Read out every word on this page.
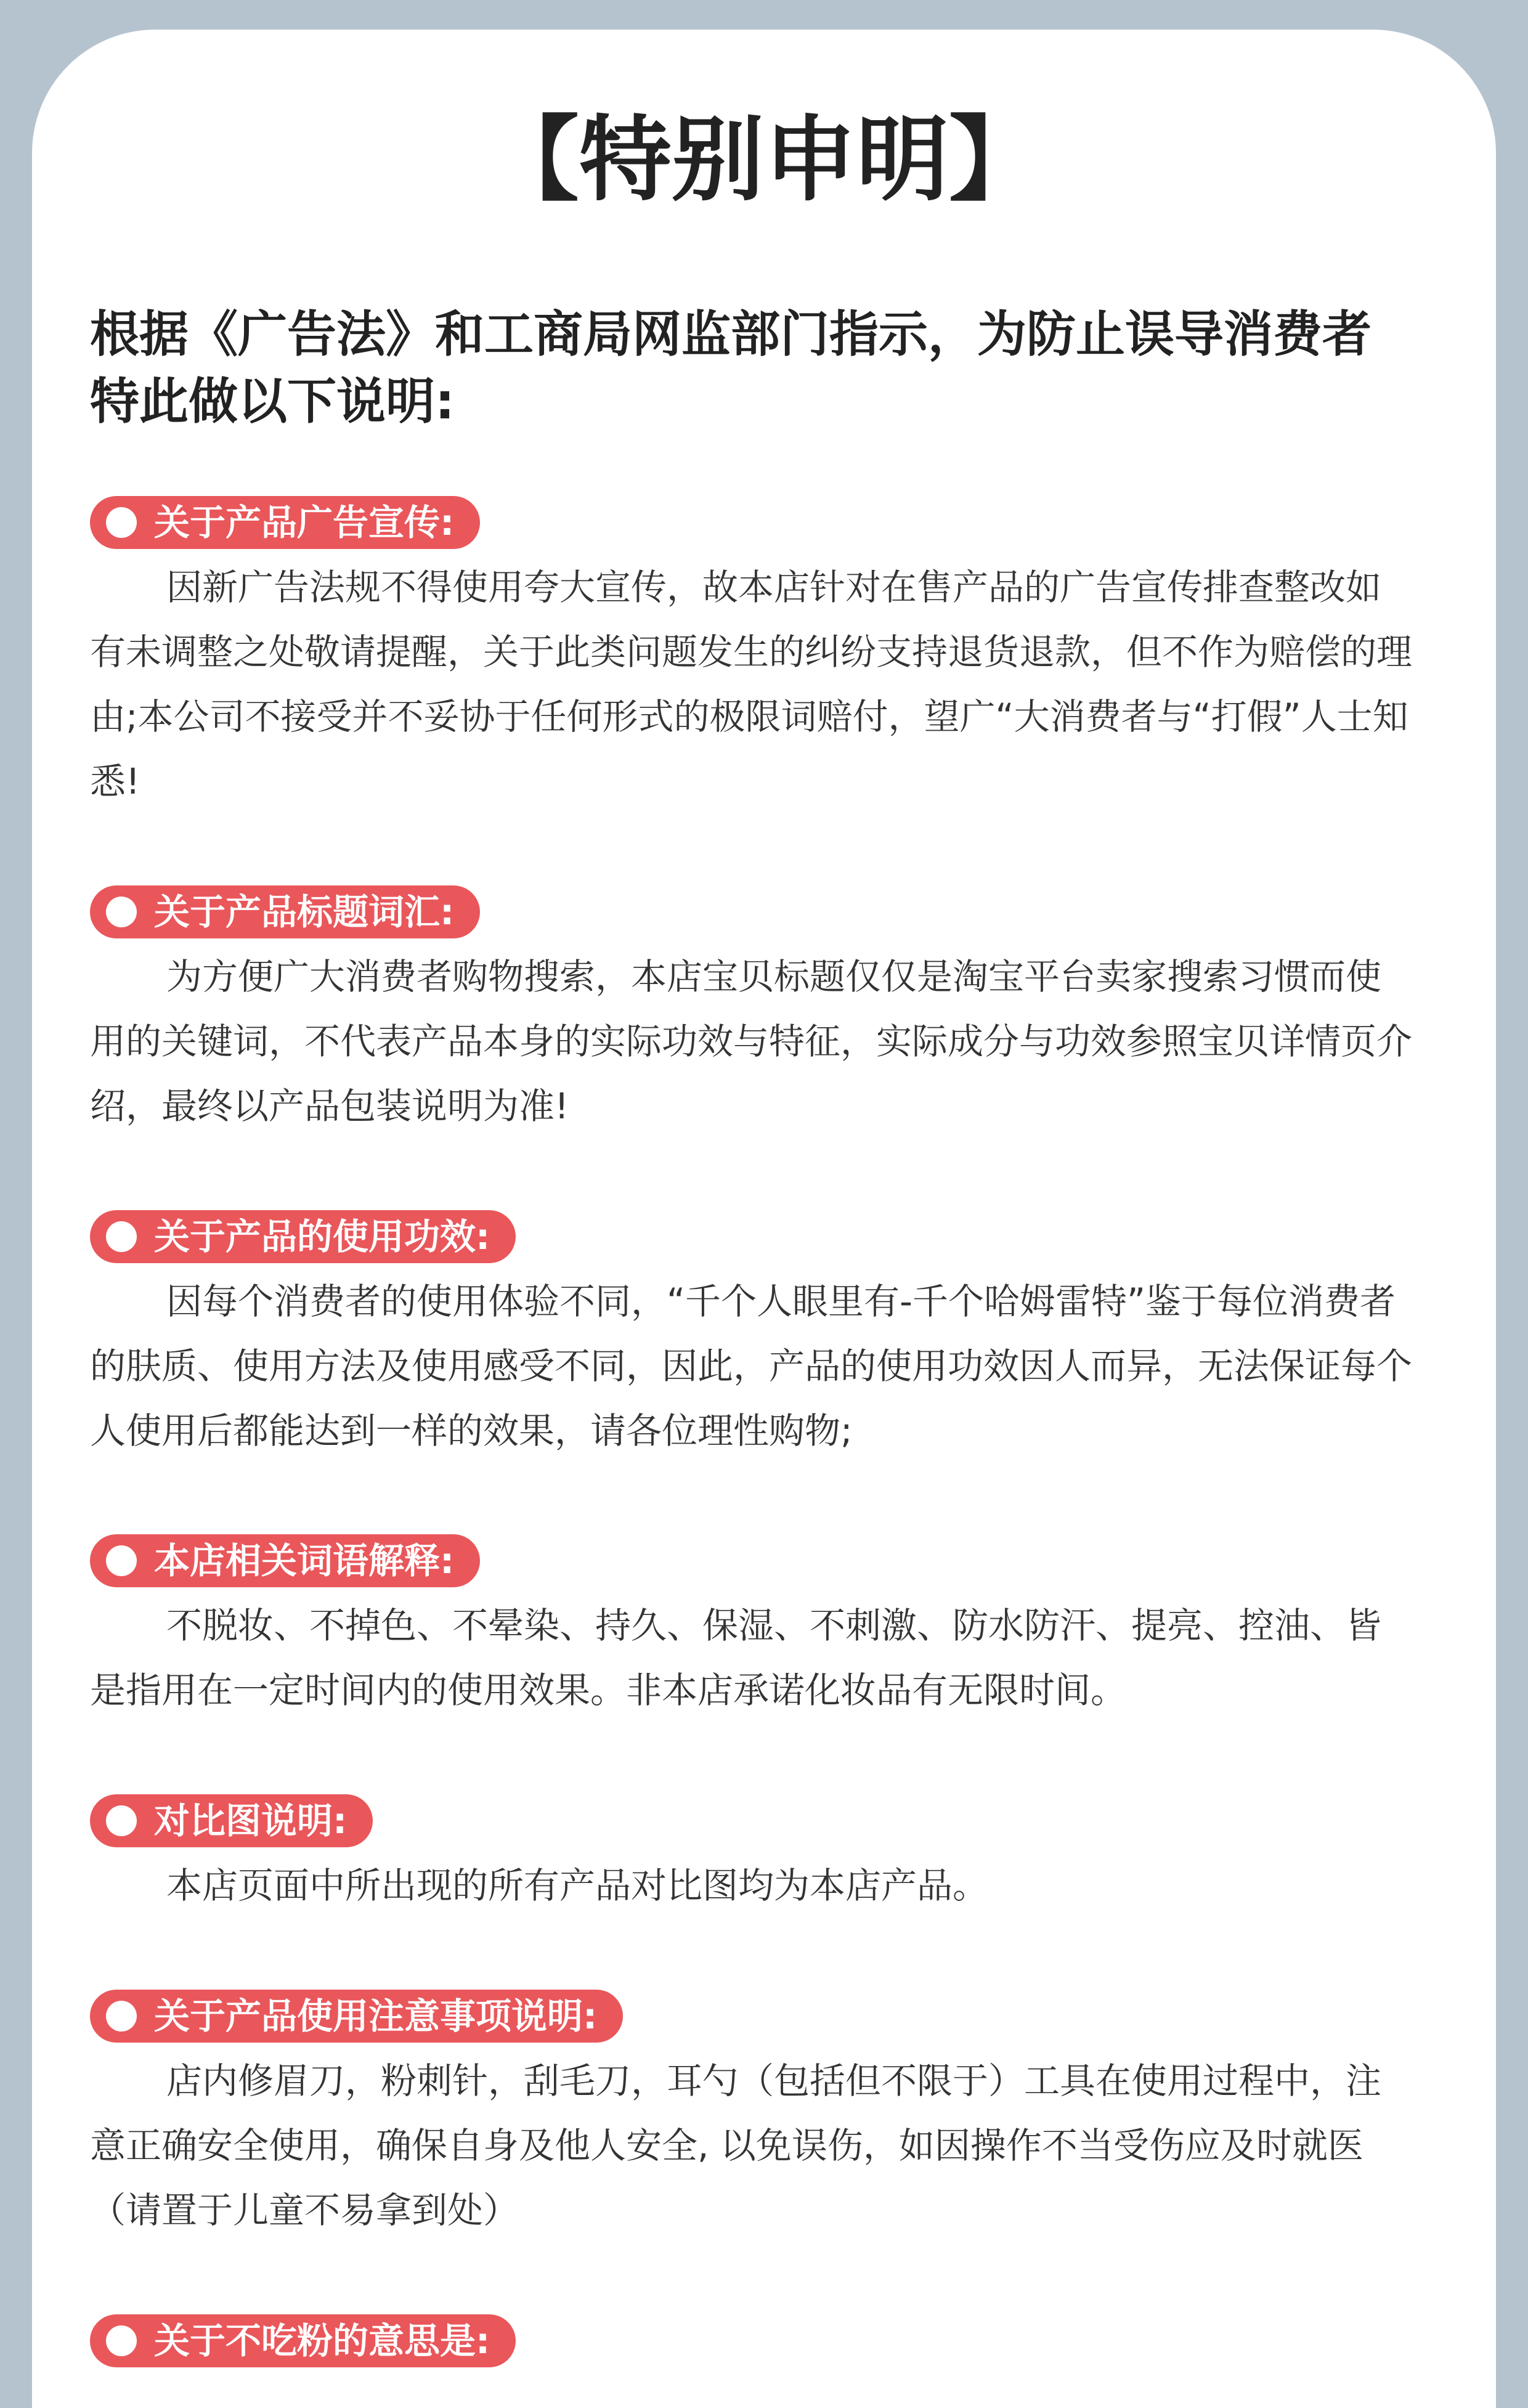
【特别申明】

根据《广告法》和工商局网监部门指示，为防止误导消费者特此做以下说明:

关于产品广告宣传:

因新广告法规不得使用夸大宣传，故本店针对在售产品的广告宣传排查整改如有未调整之处敬请提醒，关于此类问题发生的纠纷支持退货退款，但不作为赔偿的理由;本公司不接受并不妥协于任何形式的极限词赔付，望广“大消费者与“打假”人士知悉!

关于产品标题词汇:

为方便广大消费者购物搜索，本店宝贝标题仅仅是淘宝平台卖家搜索习惯而使用的关键词，不代表产品本身的实际功效与特征，实际成分与功效参照宝贝详情页介绍，最终以产品包装说明为准!

关于产品的使用功效:

因每个消费者的使用体验不同，“千个人眼里有-千个哈姆雷特”鉴于每位消费者的肤质、使用方法及使用感受不同，因此，产品的使用功效因人而异，无法保证每个人使用后都能达到一样的效果，请各位理性购物;

本店相关词语解释:

不脱妆、不掉色、不晕染、持久、保湿、不刺激、防水防汗、提亮、控油、皆是指用在一定时间内的使用效果。非本店承诺化妆品有无限时间。

对比图说明:

本店页面中所出现的所有产品对比图均为本店产品。

关于产品使用注意事项说明:

店内修眉刀，粉刺针，刮毛刀，耳勺（包括但不限于）工具在使用过程中，注意正确安全使用，确保自身及他人安全, 以免误伤，如因操作不当受伤应及时就医（请置于儿童不易拿到处）

关于不吃粉的意思是:
